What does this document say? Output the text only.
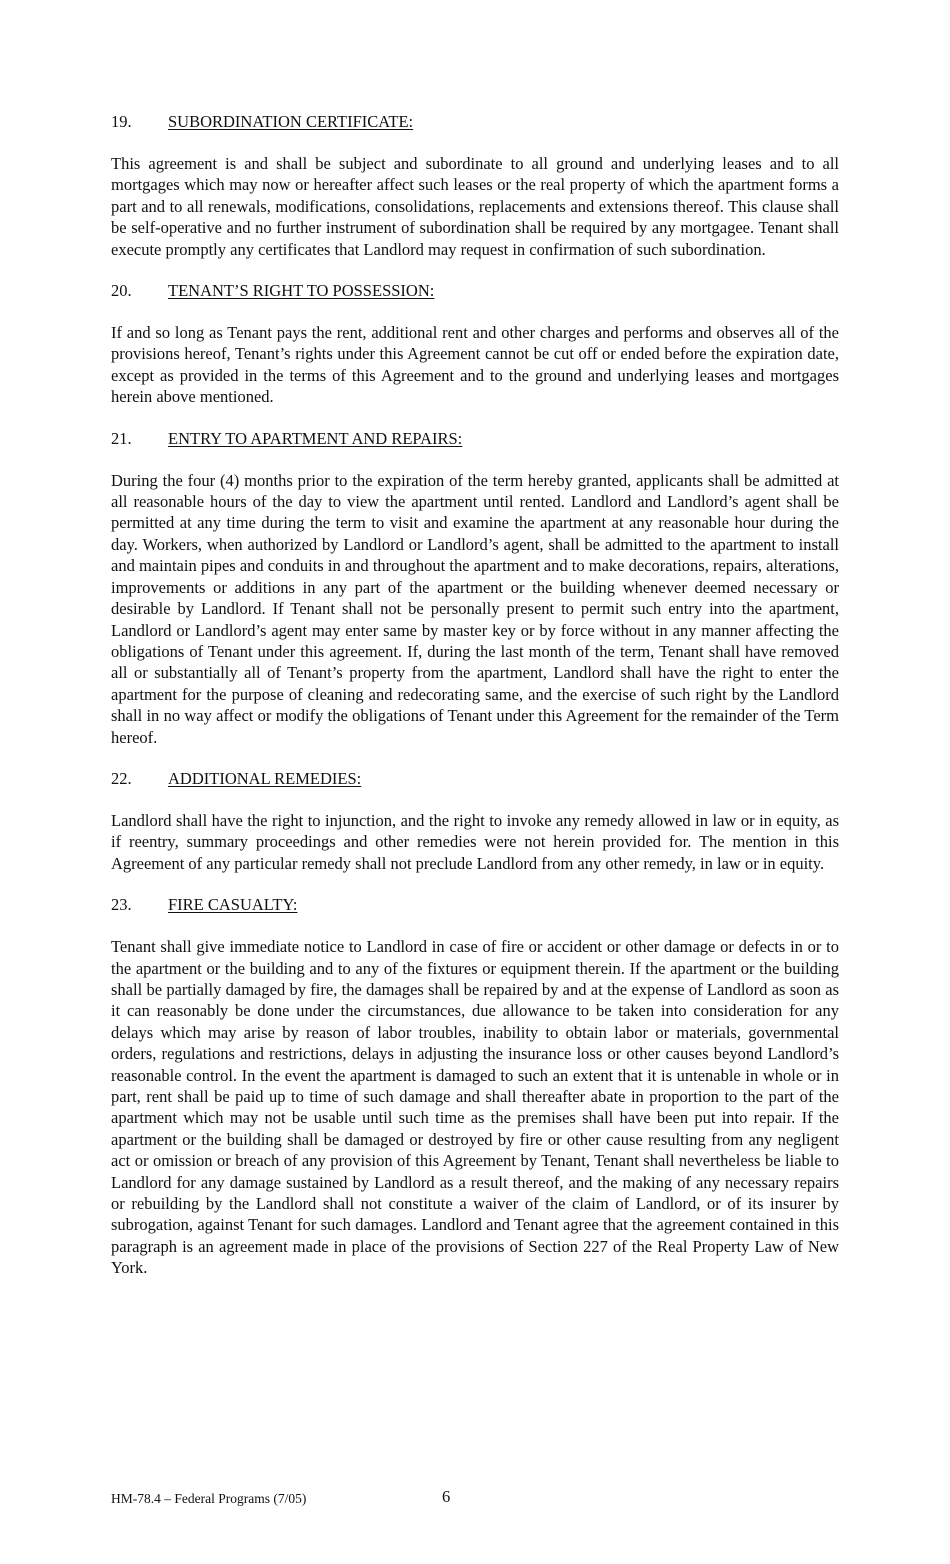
19. SUBORDINATION CERTIFICATE:

This agreement is and shall be subject and subordinate to all ground and underlying leases and to all mortgages which may now or hereafter affect such leases or the real property of which the apartment forms a part and to all renewals, modifications, consolidations, replacements and extensions thereof. This clause shall be self-operative and no further instrument of subordination shall be required by any mortgagee. Tenant shall execute promptly any certificates that Landlord may request in confirmation of such subordination.

20. TENANT’S RIGHT TO POSSESSION:

If and so long as Tenant pays the rent, additional rent and other charges and performs and observes all of the provisions hereof, Tenant’s rights under this Agreement cannot be cut off or ended before the expiration date, except as provided in the terms of this Agreement and to the ground and underlying leases and mortgages herein above mentioned.

21. ENTRY TO APARTMENT AND REPAIRS:

During the four (4) months prior to the expiration of the term hereby granted, applicants shall be admitted at all reasonable hours of the day to view the apartment until rented. Landlord and Landlord’s agent shall be permitted at any time during the term to visit and examine the apartment at any reasonable hour during the day. Workers, when authorized by Landlord or Landlord’s agent, shall be admitted to the apartment to install and maintain pipes and conduits in and throughout the apartment and to make decorations, repairs, alterations, improvements or additions in any part of the apartment or the building whenever deemed necessary or desirable by Landlord. If Tenant shall not be personally present to permit such entry into the apartment, Landlord or Landlord’s agent may enter same by master key or by force without in any manner affecting the obligations of Tenant under this agreement. If, during the last month of the term, Tenant shall have removed all or substantially all of Tenant’s property from the apartment, Landlord shall have the right to enter the apartment for the purpose of cleaning and redecorating same, and the exercise of such right by the Landlord shall in no way affect or modify the obligations of Tenant under this Agreement for the remainder of the Term hereof.

22. ADDITIONAL REMEDIES:

Landlord shall have the right to injunction, and the right to invoke any remedy allowed in law or in equity, as if reentry, summary proceedings and other remedies were not herein provided for. The mention in this Agreement of any particular remedy shall not preclude Landlord from any other remedy, in law or in equity.

23. FIRE CASUALTY:

Tenant shall give immediate notice to Landlord in case of fire or accident or other damage or defects in or to the apartment or the building and to any of the fixtures or equipment therein. If the apartment or the building shall be partially damaged by fire, the damages shall be repaired by and at the expense of Landlord as soon as it can reasonably be done under the circumstances, due allowance to be taken into consideration for any delays which may arise by reason of labor troubles, inability to obtain labor or materials, governmental orders, regulations and restrictions, delays in adjusting the insurance loss or other causes beyond Landlord’s reasonable control. In the event the apartment is damaged to such an extent that it is untenable in whole or in part, rent shall be paid up to time of such damage and shall thereafter abate in proportion to the part of the apartment which may not be usable until such time as the premises shall have been put into repair. If the apartment or the building shall be damaged or destroyed by fire or other cause resulting from any negligent act or omission or breach of any provision of this Agreement by Tenant, Tenant shall nevertheless be liable to Landlord for any damage sustained by Landlord as a result thereof, and the making of any necessary repairs or rebuilding by the Landlord shall not constitute a waiver of the claim of Landlord, or of its insurer by subrogation, against Tenant for such damages. Landlord and Tenant agree that the agreement contained in this paragraph is an agreement made in place of the provisions of Section 227 of the Real Property Law of New York.

HM-78.4 – Federal Programs (7/05)	6
